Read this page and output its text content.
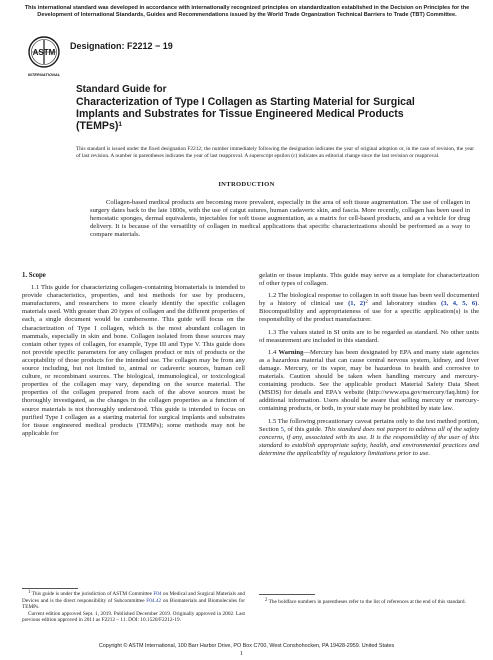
This international standard was developed in accordance with internationally recognized principles on standardization established in the Decision on Principles for the Development of International Standards, Guides and Recommendations issued by the World Trade Organization Technical Barriers to Trade (TBT) Committee.
ASTM
INTERNATIONAL
Designation: F2212 − 19
Standard Guide for
Characterization of Type I Collagen as Starting Material for Surgical Implants and Substrates for Tissue Engineered Medical Products (TEMPs)$^1$
This standard is issued under the fixed designation F2212; the number immediately following the designation indicates the year of original adoption or, in the case of revision, the year of last revision. A number in parentheses indicates the year of last reapproval. A superscript epsilon (ε) indicates an editorial change since the last revision or reapproval.
INTRODUCTION
Collagen-based medical products are becoming more prevalent, especially in the area of soft tissue augmentation. The use of collagen in surgery dates back to the late 1800s, with the use of catgut sutures, human cadaveric skin, and fascia. More recently, collagen has been used in hemostatic sponges, dermal equivalents, injectables for soft tissue augmentation, as a matrix for cell-based products, and as a vehicle for drug delivery. It is because of the versatility of collagen in medical applications that specific characterizations should be performed as a way to compare materials.
1. Scope
1.1 This guide for characterizing collagen-containing biomaterials is intended to provide characteristics, properties, and test methods for use by producers, manufacturers, and researchers to more clearly identify the specific collagen materials used. With greater than 20 types of collagen and the different properties of each, a single document would be cumbersome. This guide will focus on the characterization of Type I collagen, which is the most abundant collagen in mammals, especially in skin and bone. Collagen isolated from these sources may contain other types of collagen, for example, Type III and Type V. This guide does not provide specific parameters for any collagen product or mix of products or the acceptability of those products for the intended use. The collagen may be from any source including, but not limited to, animal or cadaveric sources, human cell culture, or recombinant sources. The biological, immunological, or toxicological properties of the collagen may vary, depending on the source material. The properties of the collagen prepared from each of the above sources must be thoroughly investigated, as the changes in the collagen properties as a function of source materials is not thoroughly understood. This guide is intended to focus on purified Type I collagen as a starting material for surgical implants and substrates for tissue engineered medical products (TEMPs); some methods may not be applicable for
gelatin or tissue implants. This guide may serve as a template for characterization of other types of collagen.
1.2 The biological response to collagen in soft tissue has been well documented by a history of clinical use (1, 2)$^2$ and laboratory studies (3, 4, 5, 6). Biocompatibility and appropriateness of use for a specific application(s) is the responsibility of the product manufacturer.
1.3 The values stated in SI units are to be regarded as standard. No other units of measurement are included in this standard.
1.4 Warning—Mercury has been designated by EPA and many state agencies as a hazardous material that can cause central nervous system, kidney, and liver damage. Mercury, or its vapor, may be hazardous to health and corrosive to materials. Caution should be taken when handling mercury and mercury-containing products. See the applicable product Material Safety Data Sheet (MSDS) for details and EPA's website (http://www.epa.gov/mercury/faq.htm) for additional information. Users should be aware that selling mercury or mercury-containing products, or both, in your state may be prohibited by state law.
1.5 The following precautionary caveat pertains only to the test method portion, Section 5, of this guide. This standard does not purport to address all of the safety concerns, if any, associated with its use. It is the responsibility of the user of this standard to establish appropriate safety, health, and environmental practices and determine the applicability of regulatory limitations prior to use.
1 This guide is under the jurisdiction of ASTM Committee F04 on Medical and Surgical Materials and Devices and is the direct responsibility of Subcommittee F04.42 on Biomaterials and Biomolecules for TEMPs.
Current edition approved Sept. 1, 2019. Published December 2019. Originally approved in 2002. Last previous edition approved in 2011 as F2212 – 11. DOI: 10.1520/F2212-19.
2 The boldface numbers in parentheses refer to the list of references at the end of this standard.
Copyright © ASTM International, 100 Barr Harbor Drive, PO Box C700, West Conshohocken, PA 19428-2959. United States
1
